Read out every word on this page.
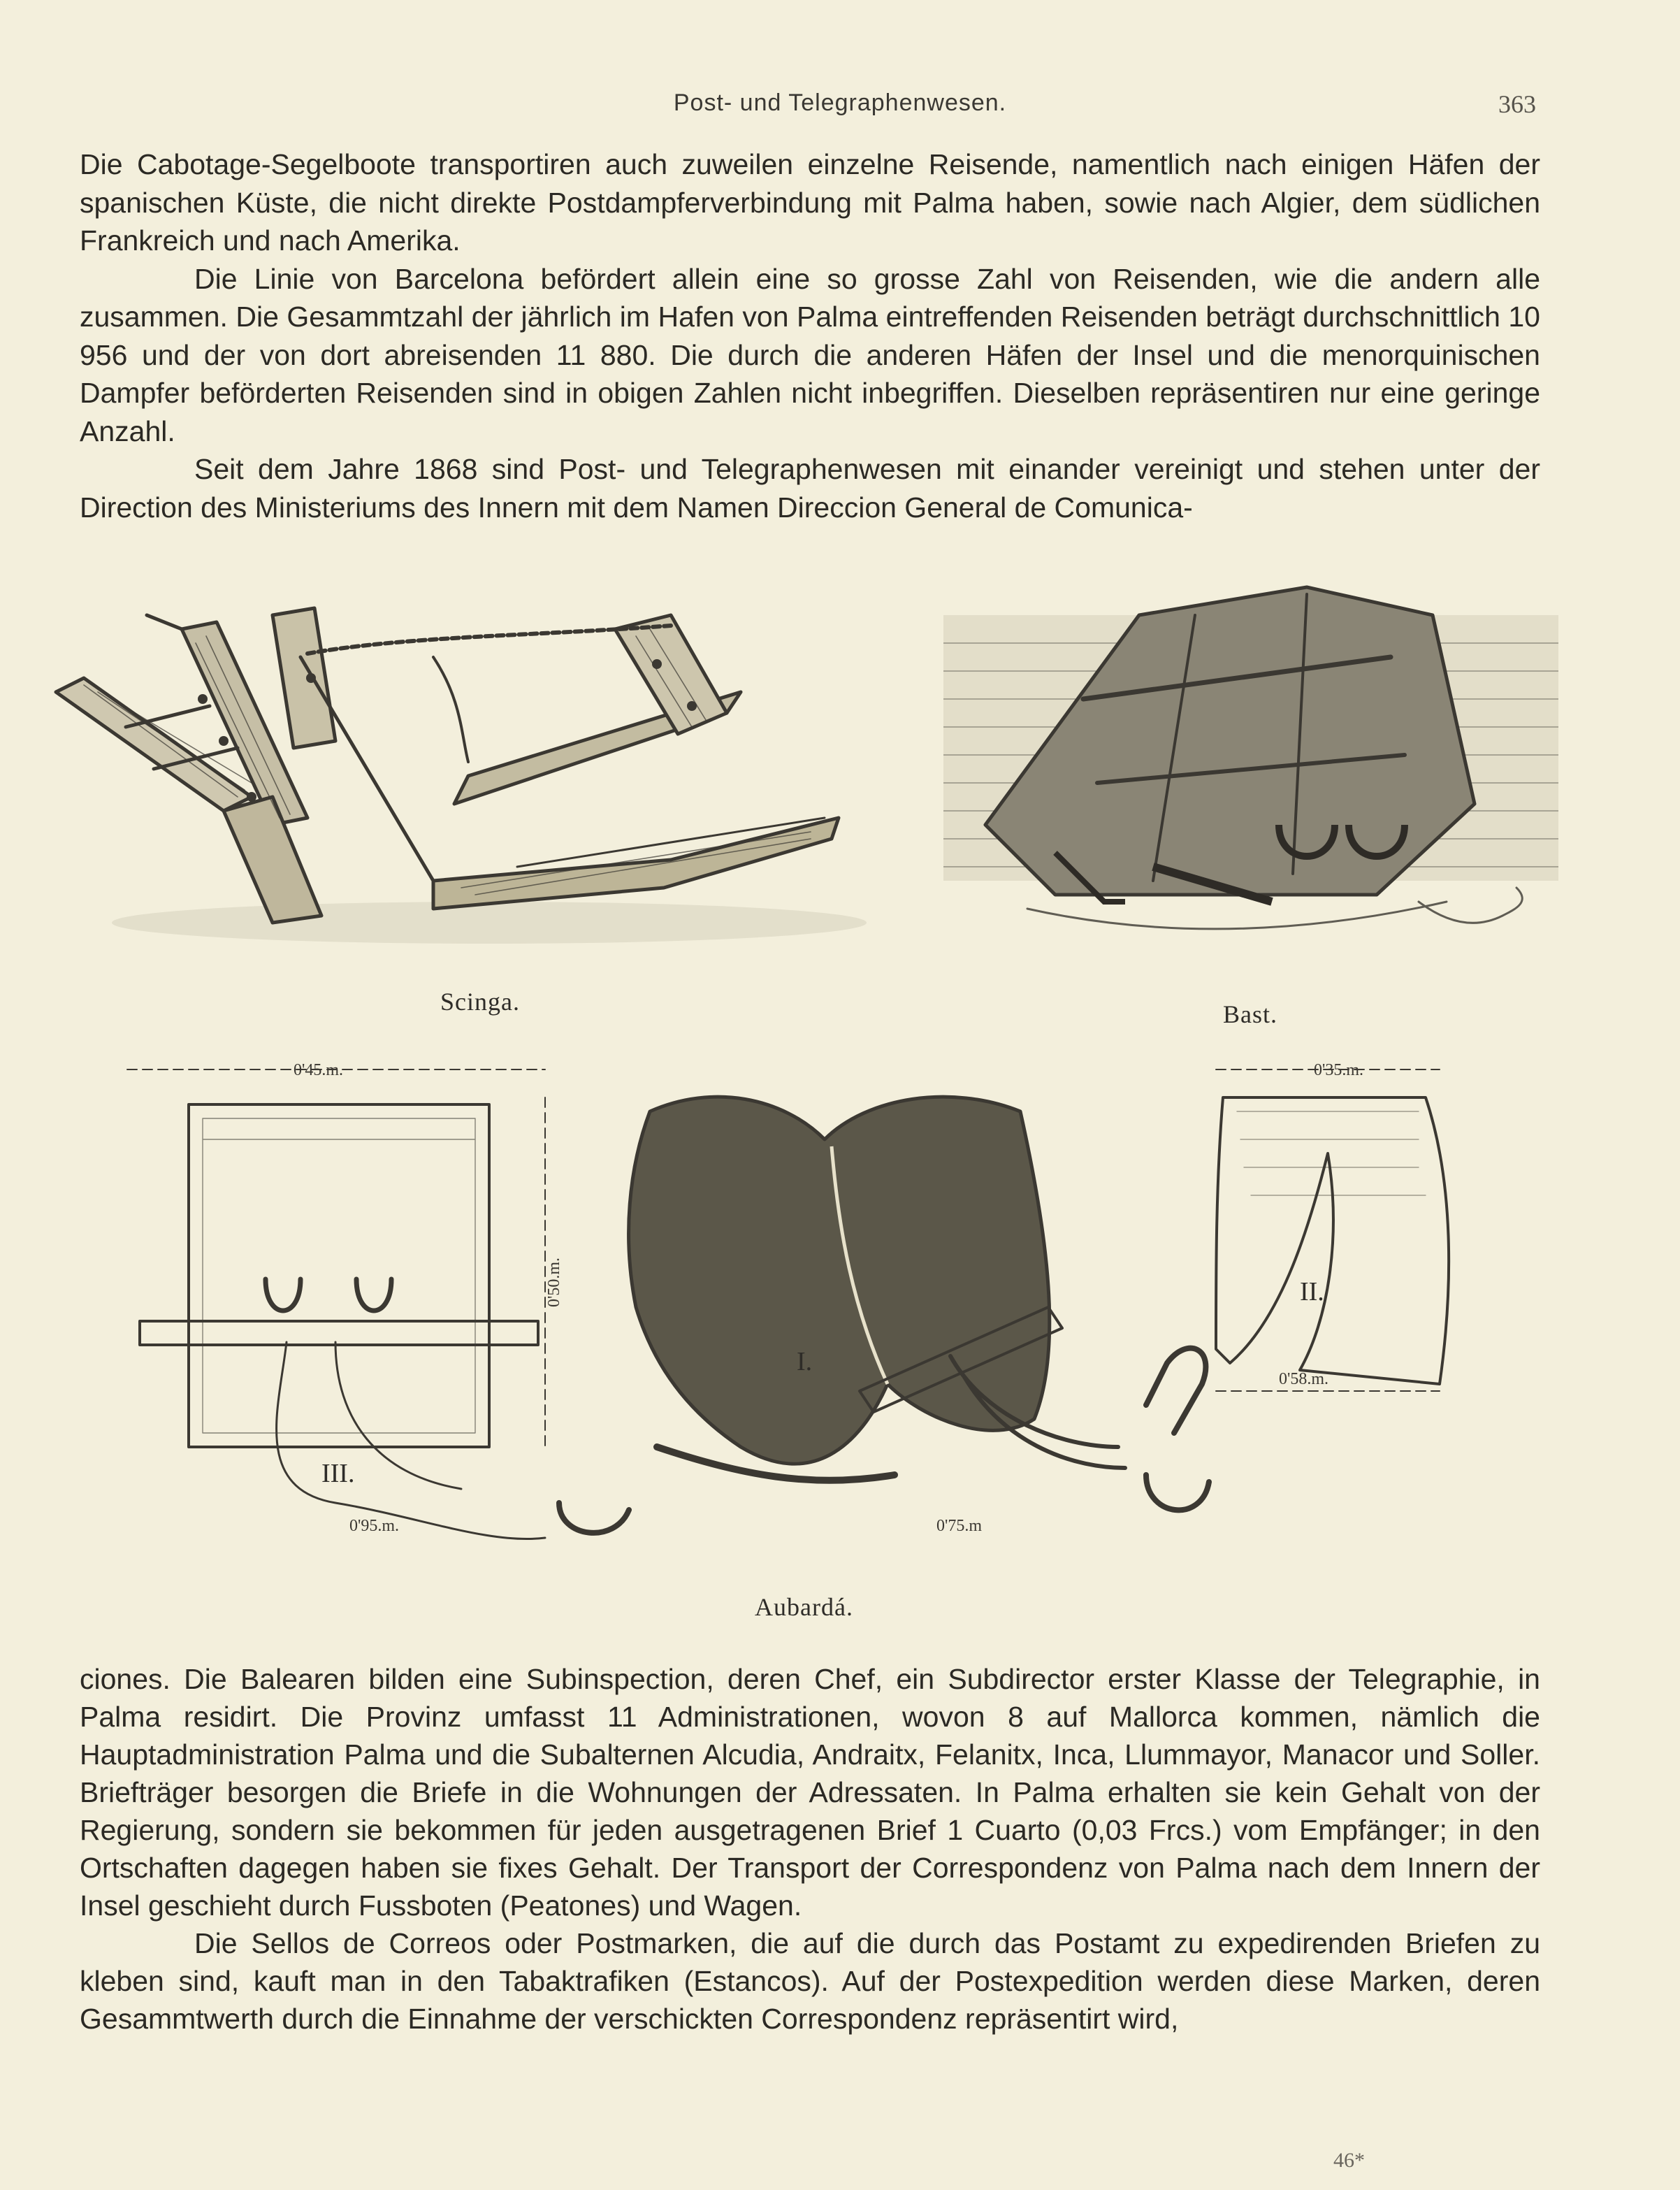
Post- und Telegraphenwesen.	363

Die Cabotage-Segelboote transportiren auch zuweilen einzelne Reisende, namentlich nach einigen Häfen der spanischen Küste, die nicht direkte Postdampferverbindung mit Palma haben, sowie nach Algier, dem südlichen Frankreich und nach Amerika.

Die Linie von Barcelona befördert allein eine so grosse Zahl von Reisenden, wie die andern alle zusammen. Die Gesammtzahl der jährlich im Hafen von Palma eintreffenden Reisenden beträgt durchschnittlich 10 956 und der von dort abreisenden 11 880. Die durch die anderen Häfen der Insel und die menorquinischen Dampfer beförderten Reisenden sind in obigen Zahlen nicht inbegriffen. Dieselben repräsentiren nur eine geringe Anzahl.

Seit dem Jahre 1868 sind Post- und Telegraphenwesen mit einander vereinigt und stehen unter der Direction des Ministeriums des Innern mit dem Namen Direccion General de Comunica-

Scinga.	Bast.
0'45.m.
0'50.m.
0'95.m.	0'75.m
0'35.m.
0'58.m.
I.
II.
III.
Aubardá.

ciones. Die Balearen bilden eine Subinspection, deren Chef, ein Subdirector erster Klasse der Telegraphie, in Palma residirt. Die Provinz umfasst 11 Administrationen, wovon 8 auf Mallorca kommen, nämlich die Hauptadministration Palma und die Subalternen Alcudia, Andraitx, Felanitx, Inca, Llummayor, Manacor und Soller. Briefträger besorgen die Briefe in die Wohnungen der Adressaten. In Palma erhalten sie kein Gehalt von der Regierung, sondern sie bekommen für jeden ausgetragenen Brief 1 Cuarto (0,03 Frcs.) vom Empfänger; in den Ortschaften dagegen haben sie fixes Gehalt. Der Transport der Correspondenz von Palma nach dem Innern der Insel geschieht durch Fussboten (Peatones) und Wagen.

Die Sellos de Correos oder Postmarken, die auf die durch das Postamt zu expedirenden Briefen zu kleben sind, kauft man in den Tabaktrafiken (Estancos). Auf der Postexpedition werden diese Marken, deren Gesammtwerth durch die Einnahme der verschickten Correspondenz repräsentirt wird,

46*
